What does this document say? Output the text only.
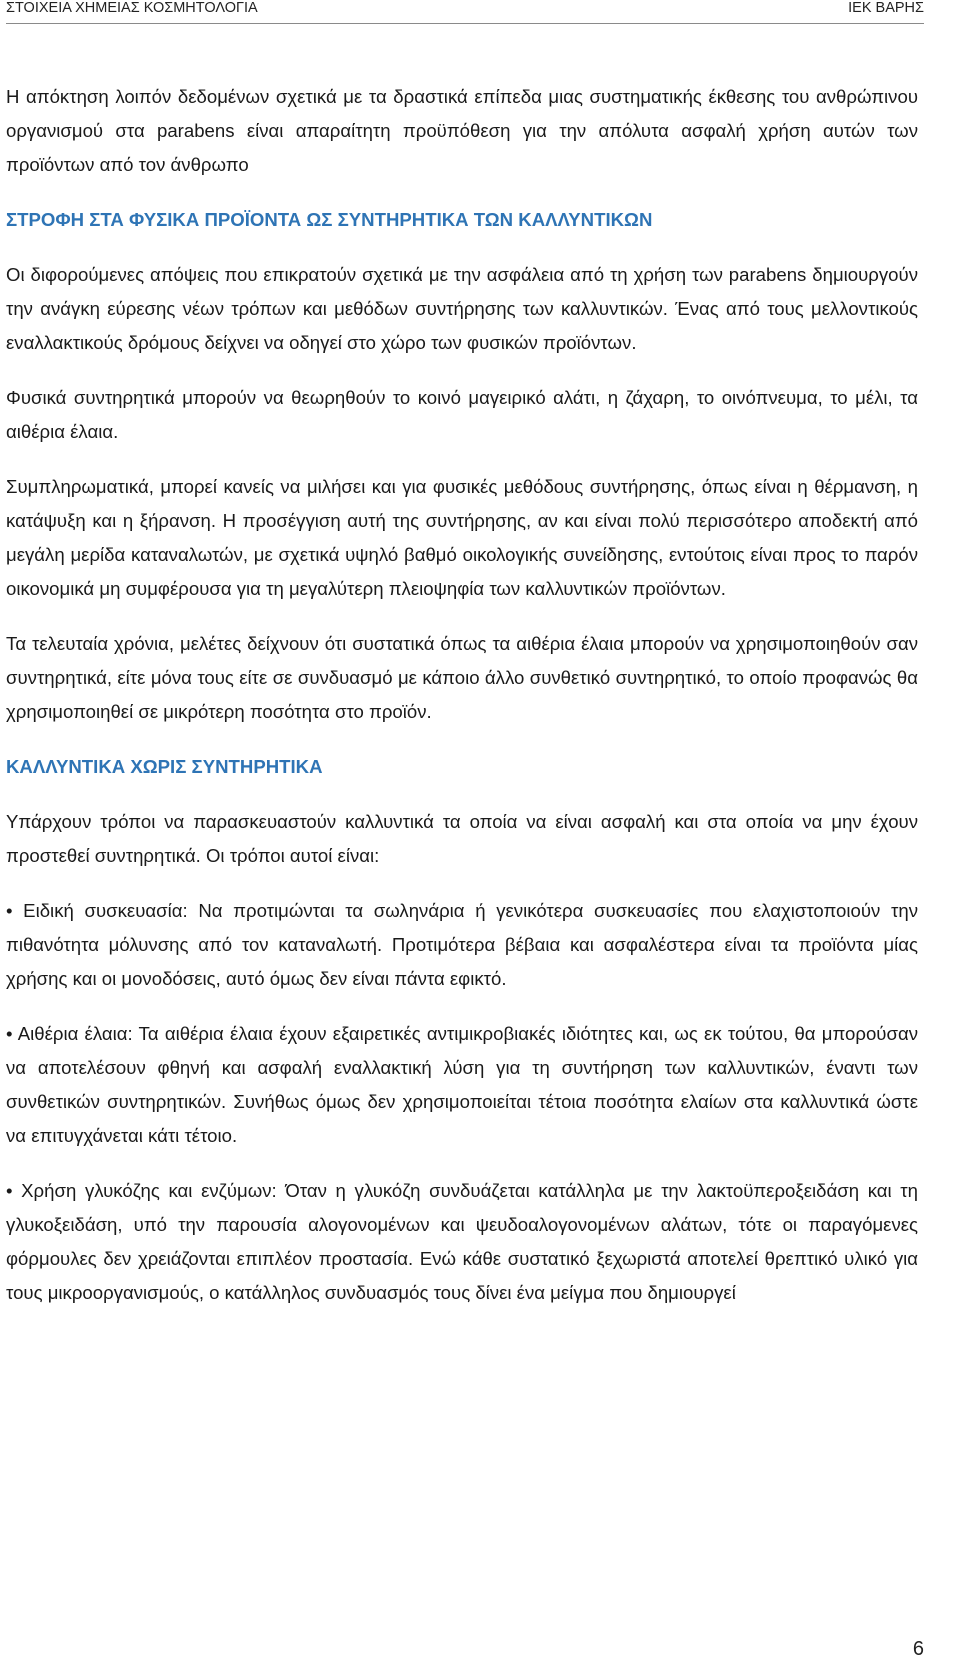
ΣΤΟΙΧΕΙΑ ΧΗΜΕΙΑΣ ΚΟΣΜΗΤΟΛΟΓΙΑ	ΙΕΚ ΒΑΡΗΣ

Η απόκτηση λοιπόν δεδομένων σχετικά με τα δραστικά επίπεδα μιας συστηματικής έκθεσης του ανθρώπινου οργανισμού στα parabens είναι απαραίτητη προϋπόθεση για την απόλυτα ασφαλή χρήση αυτών των προϊόντων από τον άνθρωπο

ΣΤΡΟΦΗ ΣΤΑ ΦΥΣΙΚΑ ΠΡΟΪΟΝΤΑ ΩΣ ΣΥΝΤΗΡΗΤΙΚΑ ΤΩΝ ΚΑΛΛΥΝΤΙΚΩΝ

Οι διφορούμενες απόψεις που επικρατούν σχετικά με την ασφάλεια από τη χρήση των parabens δημιουργούν την ανάγκη εύρεσης νέων τρόπων και μεθόδων συντήρησης των καλλυντικών. Ένας από τους μελλοντικούς εναλλακτικούς δρόμους δείχνει να οδηγεί στο χώρο των φυσικών προϊόντων.

Φυσικά συντηρητικά μπορούν να θεωρηθούν το κοινό μαγειρικό αλάτι, η ζάχαρη, το οινόπνευμα, το μέλι, τα αιθέρια έλαια.

Συμπληρωματικά, μπορεί κανείς να μιλήσει και για φυσικές μεθόδους συντήρησης, όπως είναι η θέρμανση, η κατάψυξη και η ξήρανση. Η προσέγγιση αυτή της συντήρησης, αν και είναι πολύ περισσότερο αποδεκτή από μεγάλη μερίδα καταναλωτών, με σχετικά υψηλό βαθμό οικολογικής συνείδησης, εντούτοις είναι προς το παρόν οικονομικά μη συμφέρουσα για τη μεγαλύτερη πλειοψηφία των καλλυντικών προϊόντων.

Τα τελευταία χρόνια, μελέτες δείχνουν ότι συστατικά όπως τα αιθέρια έλαια μπορούν να χρησιμοποιηθούν σαν συντηρητικά, είτε μόνα τους είτε σε συνδυασμό με κάποιο άλλο συνθετικό συντηρητικό, το οποίο προφανώς θα χρησιμοποιηθεί σε μικρότερη ποσότητα στο προϊόν.

ΚΑΛΛΥΝΤΙΚΑ ΧΩΡΙΣ ΣΥΝΤΗΡΗΤΙΚΑ

Υπάρχουν τρόποι να παρασκευαστούν καλλυντικά τα οποία να είναι ασφαλή και στα οποία να μην έχουν προστεθεί συντηρητικά. Οι τρόποι αυτοί είναι:

• Ειδική συσκευασία: Να προτιμώνται τα σωληνάρια ή γενικότερα συσκευασίες που ελαχιστοποιούν την πιθανότητα μόλυνσης από τον καταναλωτή. Προτιμότερα βέβαια και ασφαλέστερα είναι τα προϊόντα μίας χρήσης και οι μονοδόσεις, αυτό όμως δεν είναι πάντα εφικτό.

• Αιθέρια έλαια: Τα αιθέρια έλαια έχουν εξαιρετικές αντιμικροβιακές ιδιότητες και, ως εκ τούτου, θα μπορούσαν να αποτελέσουν φθηνή και ασφαλή εναλλακτική λύση για τη συντήρηση των καλλυντικών, έναντι των συνθετικών συντηρητικών. Συνήθως όμως δεν χρησιμοποιείται τέτοια ποσότητα ελαίων στα καλλυντικά ώστε να επιτυγχάνεται κάτι τέτοιο.

• Χρήση γλυκόζης και ενζύμων: Όταν η γλυκόζη συνδυάζεται κατάλληλα με την λακτοϋπεροξειδάση και τη γλυκοξειδάση, υπό την παρουσία αλογονομένων και ψευδοαλογονομένων αλάτων, τότε οι παραγόμενες φόρμουλες δεν χρειάζονται επιπλέον προστασία. Ενώ κάθε συστατικό ξεχωριστά αποτελεί θρεπτικό υλικό για τους μικροοργανισμούς, ο κατάλληλος συνδυασμός τους δίνει ένα μείγμα που δημιουργεί

6
